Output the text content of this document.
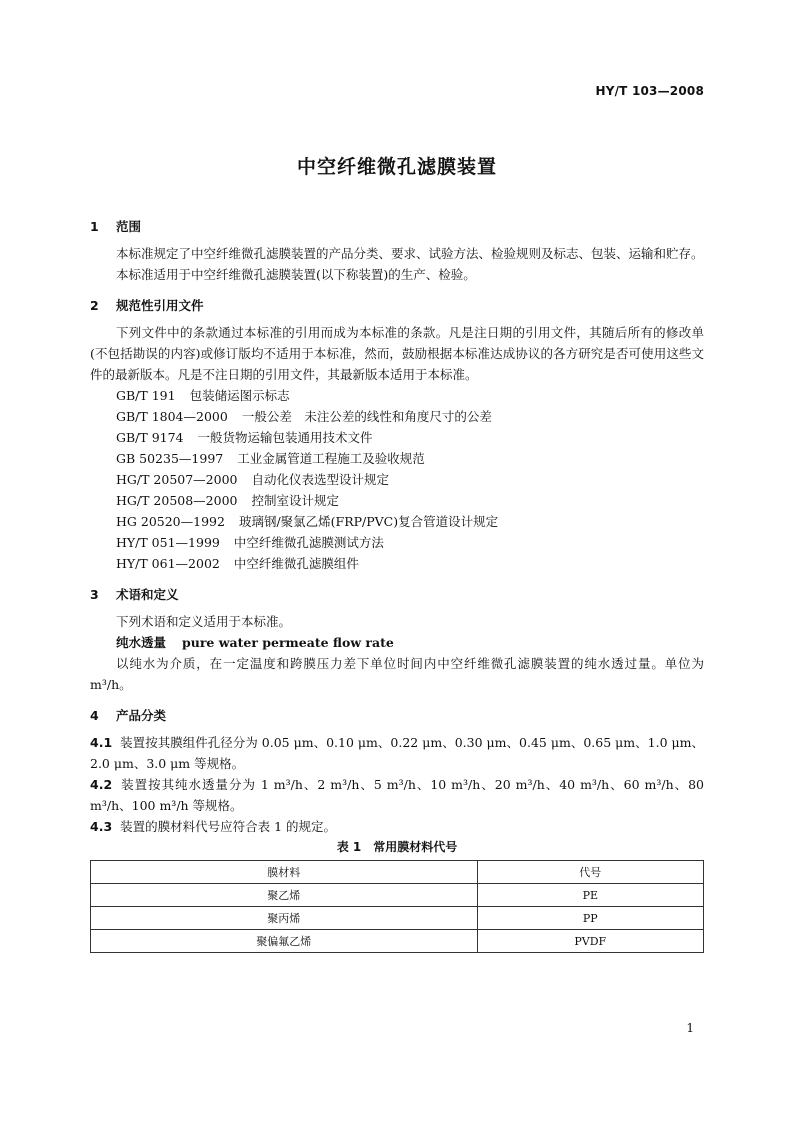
HY/T 103—2008
中空纤维微孔滤膜装置

1 范围

本标准规定了中空纤维微孔滤膜装置的产品分类、要求、试验方法、检验规则及标志、包装、运输和贮存。

本标准适用于中空纤维微孔滤膜装置(以下称装置)的生产、检验。

2 规范性引用文件

下列文件中的条款通过本标准的引用而成为本标准的条款。凡是注日期的引用文件，其随后所有的修改单(不包括勘误的内容)或修订版均不适用于本标准，然而，鼓励根据本标准达成协议的各方研究是否可使用这些文件的最新版本。凡是不注日期的引用文件，其最新版本适用于本标准。

GB/T 191 包装储运图示标志

GB/T 1804—2000 一般公差　未注公差的线性和角度尺寸的公差

GB/T 9174 一般货物运输包装通用技术文件

GB 50235—1997 工业金属管道工程施工及验收规范

HG/T 20507—2000 自动化仪表选型设计规定

HG/T 20508—2000 控制室设计规定

HG 20520—1992 玻璃钢/聚氯乙烯(FRP/PVC)复合管道设计规定

HY/T 051—1999 中空纤维微孔滤膜测试方法

HY/T 061—2002 中空纤维微孔滤膜组件

3 术语和定义

下列术语和定义适用于本标准。

纯水透量 pure water permeate flow rate

以纯水为介质，在一定温度和跨膜压力差下单位时间内中空纤维微孔滤膜装置的纯水透过量。单位为 m³/h。

4 产品分类

4.1 装置按其膜组件孔径分为 0.05 μm、0.10 μm、0.22 μm、0.30 μm、0.45 μm、0.65 μm、1.0 μm、2.0 μm、3.0 μm 等规格。

4.2 装置按其纯水透量分为 1 m³/h、2 m³/h、5 m³/h、10 m³/h、20 m³/h、40 m³/h、60 m³/h、80 m³/h、100 m³/h 等规格。

4.3 装置的膜材料代号应符合表 1 的规定。

表 1 常用膜材料代号

膜材料	代号
聚乙烯	PE
聚丙烯	PP
聚偏氟乙烯	PVDF
1
